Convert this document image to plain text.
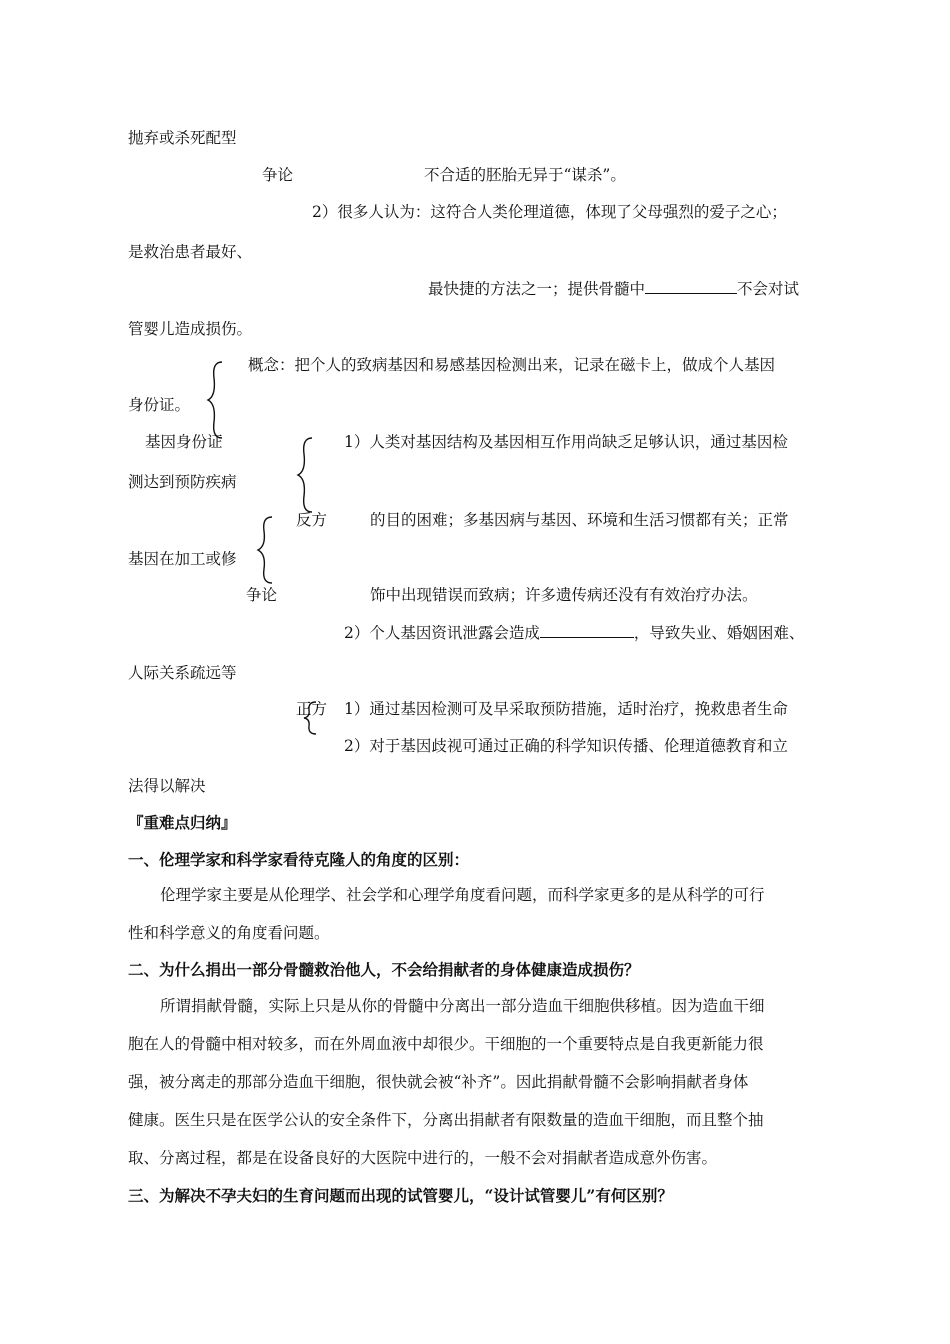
抛弃或杀死配型
争论	不合适的胚胎无异于“谋杀”。
2）很多人认为：这符合人类伦理道德，体现了父母强烈的爱子之心；
是救治患者最好、
最快捷的方法之一；提供骨髓中	不会对试
管婴儿造成损伤。
概念：把个人的致病基因和易感基因检测出来，记录在磁卡上，做成个人基因
身份证。
基因身份证	1）人类对基因结构及基因相互作用尚缺乏足够认识，通过基因检
测达到预防疾病
反方	的目的困难；多基因病与基因、环境和生活习惯都有关；正常
基因在加工或修
争论	饰中出现错误而致病；许多遗传病还没有有效治疗办法。
2）个人基因资讯泄露会造成	，导致失业、婚姻困难、
人际关系疏远等
正方 1）通过基因检测可及早采取预防措施，适时治疗，挽救患者生命
2）对于基因歧视可通过正确的科学知识传播、伦理道德教育和立
法得以解决
『重难点归纳』
一、伦理学家和科学家看待克隆人的角度的区别：
伦理学家主要是从伦理学、社会学和心理学角度看问题，而科学家更多的是从科学的可行
性和科学意义的角度看问题。
二、为什么捐出一部分骨髓救治他人，不会给捐献者的身体健康造成损伤？
所谓捐献骨髓，实际上只是从你的骨髓中分离出一部分造血干细胞供移植。因为造血干细
胞在人的骨髓中相对较多，而在外周血液中却很少。干细胞的一个重要特点是自我更新能力很
强，被分离走的那部分造血干细胞，很快就会被“补齐”。因此捐献骨髓不会影响捐献者身体
健康。医生只是在医学公认的安全条件下，分离出捐献者有限数量的造血干细胞，而且整个抽
取、分离过程，都是在设备良好的大医院中进行的，一般不会对捐献者造成意外伤害。
三、为解决不孕夫妇的生育问题而出现的试管婴儿，“设计试管婴儿”有何区别？
